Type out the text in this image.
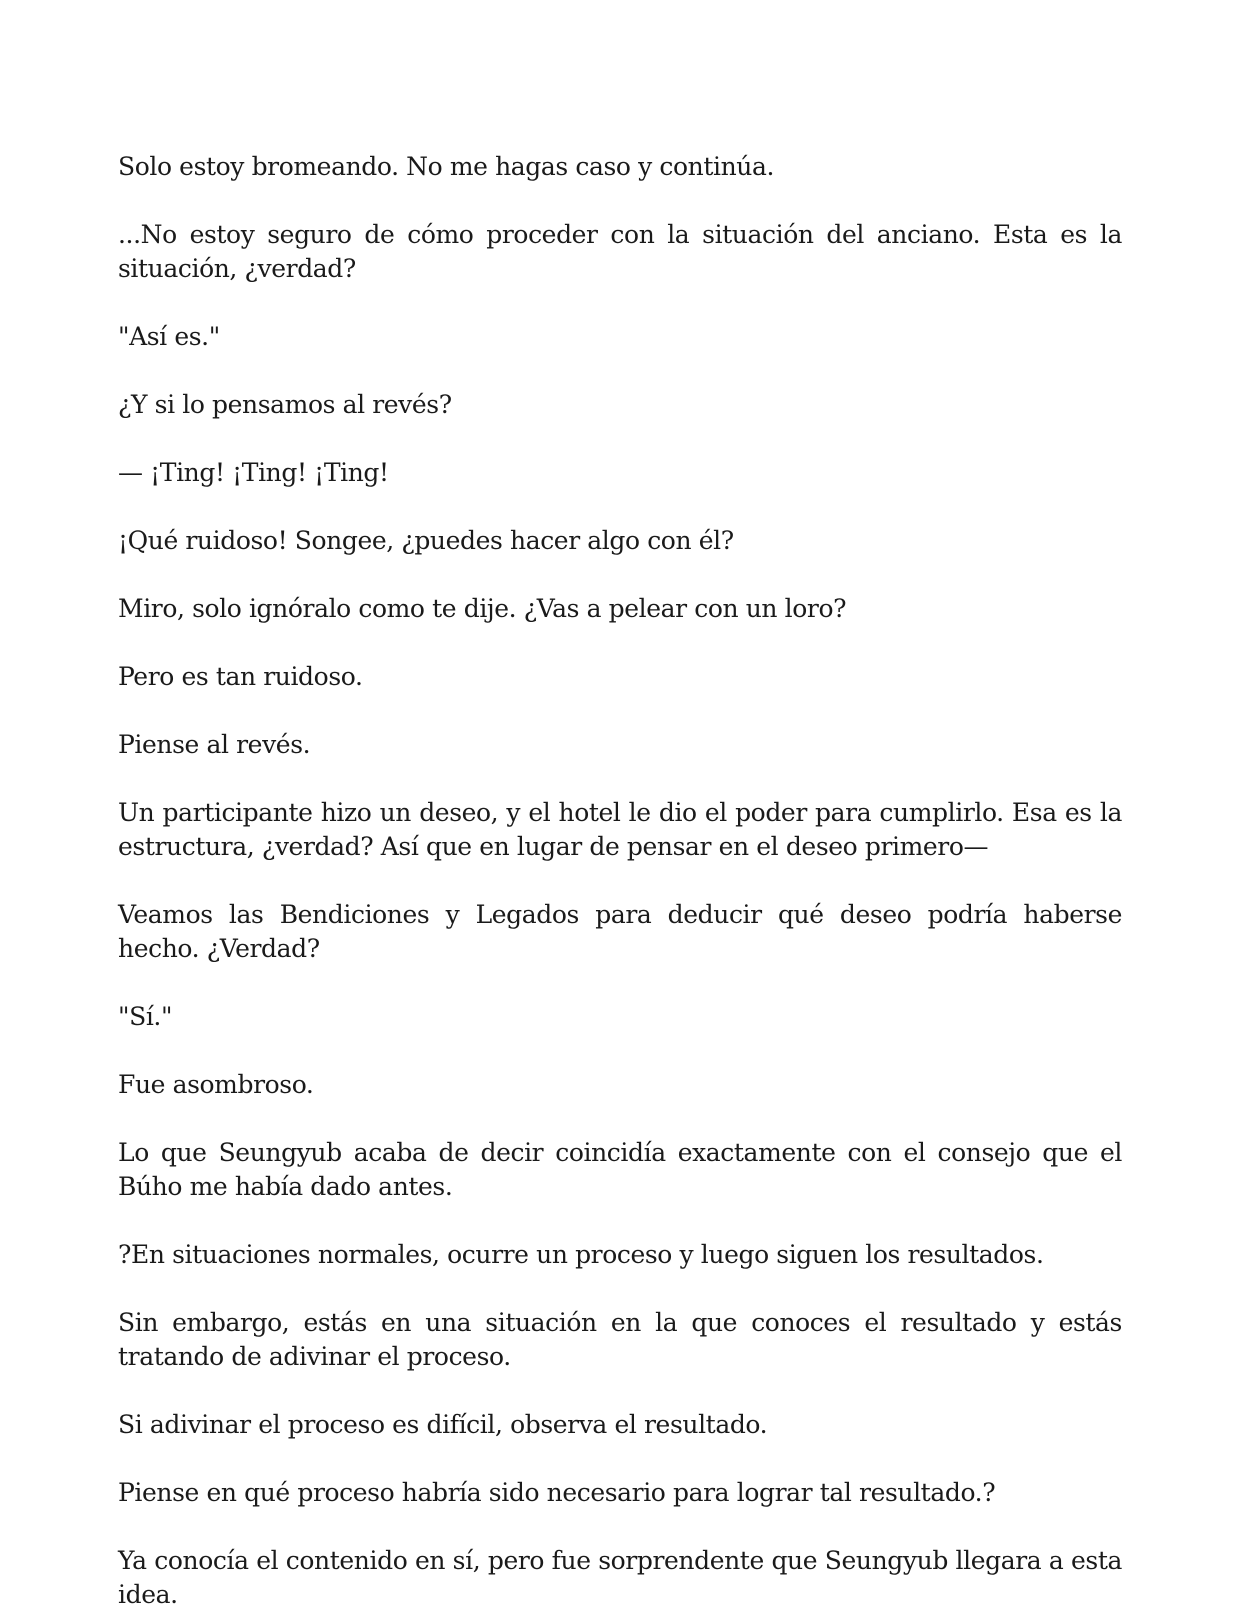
Solo estoy bromeando. No me hagas caso y continúa.

...No estoy seguro de cómo proceder con la situación del anciano. Esta es la situación, ¿verdad?

"Así es."

¿Y si lo pensamos al revés?

— ¡Ting! ¡Ting! ¡Ting!

¡Qué ruidoso! Songee, ¿puedes hacer algo con él?

Miro, solo ignóralo como te dije. ¿Vas a pelear con un loro?

Pero es tan ruidoso.

Piense al revés.

Un participante hizo un deseo, y el hotel le dio el poder para cumplirlo. Esa es la estructura, ¿verdad? Así que en lugar de pensar en el deseo primero—

Veamos las Bendiciones y Legados para deducir qué deseo podría haberse hecho. ¿Verdad?

"Sí."

Fue asombroso.

Lo que Seungyub acaba de decir coincidía exactamente con el consejo que el Búho me había dado antes.

?En situaciones normales, ocurre un proceso y luego siguen los resultados.

Sin embargo, estás en una situación en la que conoces el resultado y estás tratando de adivinar el proceso.

Si adivinar el proceso es difícil, observa el resultado.

Piense en qué proceso habría sido necesario para lograr tal resultado.?

Ya conocía el contenido en sí, pero fue sorprendente que Seungyub llegara a esta idea.
